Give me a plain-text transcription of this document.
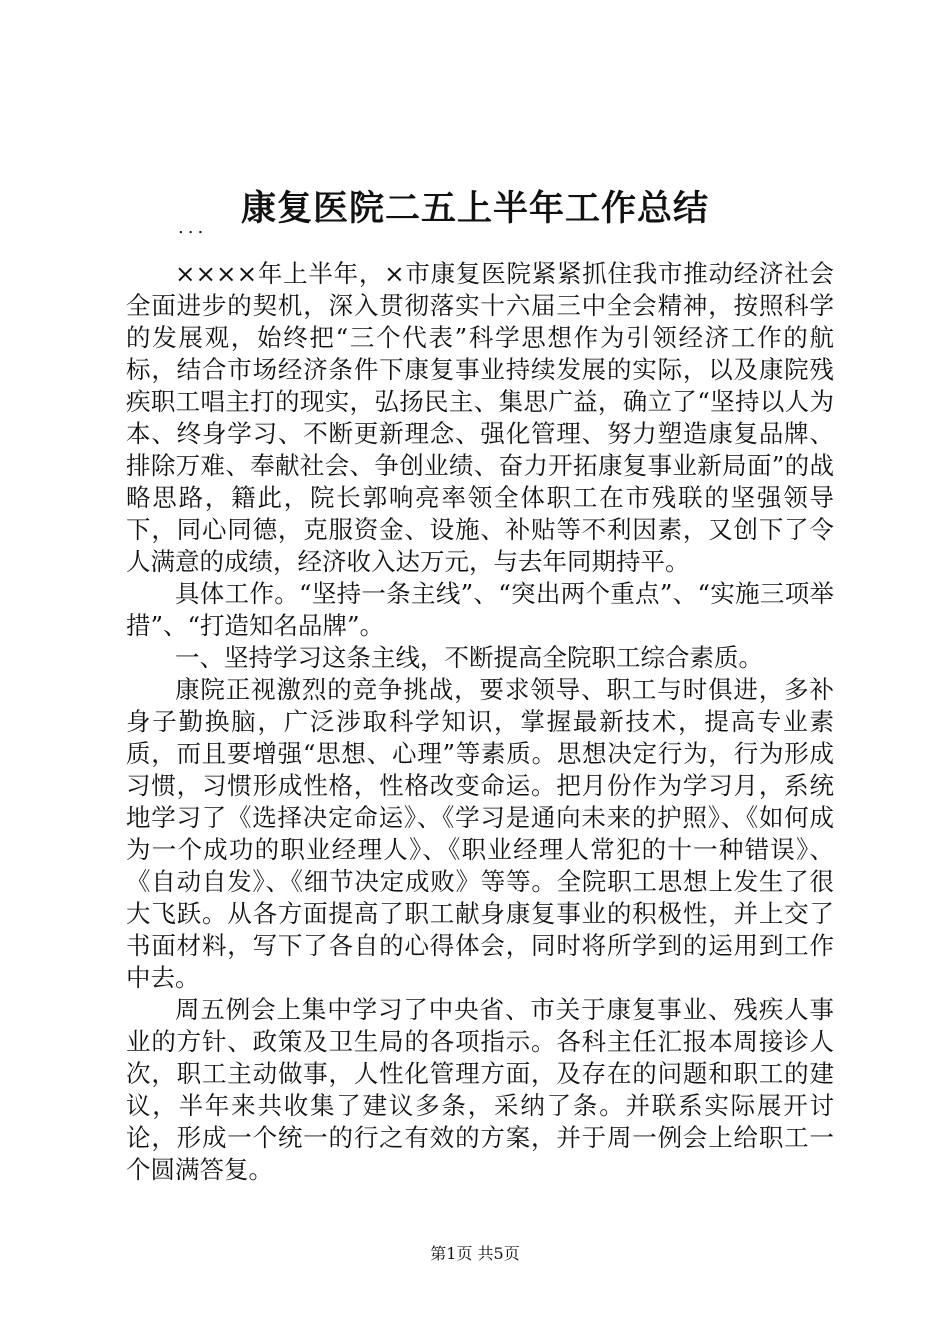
康复医院二五上半年工作总结
...

××××年上半年，×市康复医院紧紧抓住我市推动经济社会全面进步的契机，深入贯彻落实十六届三中全会精神，按照科学的发展观，始终把“三个代表”科学思想作为引领经济工作的航标，结合市场经济条件下康复事业持续发展的实际，以及康院残疾职工唱主打的现实，弘扬民主、集思广益，确立了“坚持以人为本、终身学习、不断更新理念、强化管理、努力塑造康复品牌、排除万难、奉献社会、争创业绩、奋力开拓康复事业新局面”的战略思路，籍此，院长郭响亮率领全体职工在市残联的坚强领导下，同心同德，克服资金、设施、补贴等不利因素，又创下了令人满意的成绩，经济收入达万元，与去年同期持平。

具体工作。“坚持一条主线”、“突出两个重点”、“实施三项举措”、“打造知名品牌”。

一、坚持学习这条主线，不断提高全院职工综合素质。

康院正视激烈的竞争挑战，要求领导、职工与时俱进，多补身子勤换脑，广泛涉取科学知识，掌握最新技术，提高专业素质，而且要增强“思想、心理”等素质。思想决定行为，行为形成习惯，习惯形成性格，性格改变命运。把月份作为学习月，系统地学习了《选择决定命运》、《学习是通向未来的护照》、《如何成为一个成功的职业经理人》、《职业经理人常犯的十一种错误》、《自动自发》、《细节决定成败》等等。全院职工思想上发生了很大飞跃。从各方面提高了职工献身康复事业的积极性，并上交了书面材料，写下了各自的心得体会，同时将所学到的运用到工作中去。

周五例会上集中学习了中央省、市关于康复事业、残疾人事业的方针、政策及卫生局的各项指示。各科主任汇报本周接诊人次，职工主动做事，人性化管理方面，及存在的问题和职工的建议，半年来共收集了建议多条，采纳了条。并联系实际展开讨论，形成一个统一的行之有效的方案，并于周一例会上给职工一个圆满答复。

第1页 共5页
